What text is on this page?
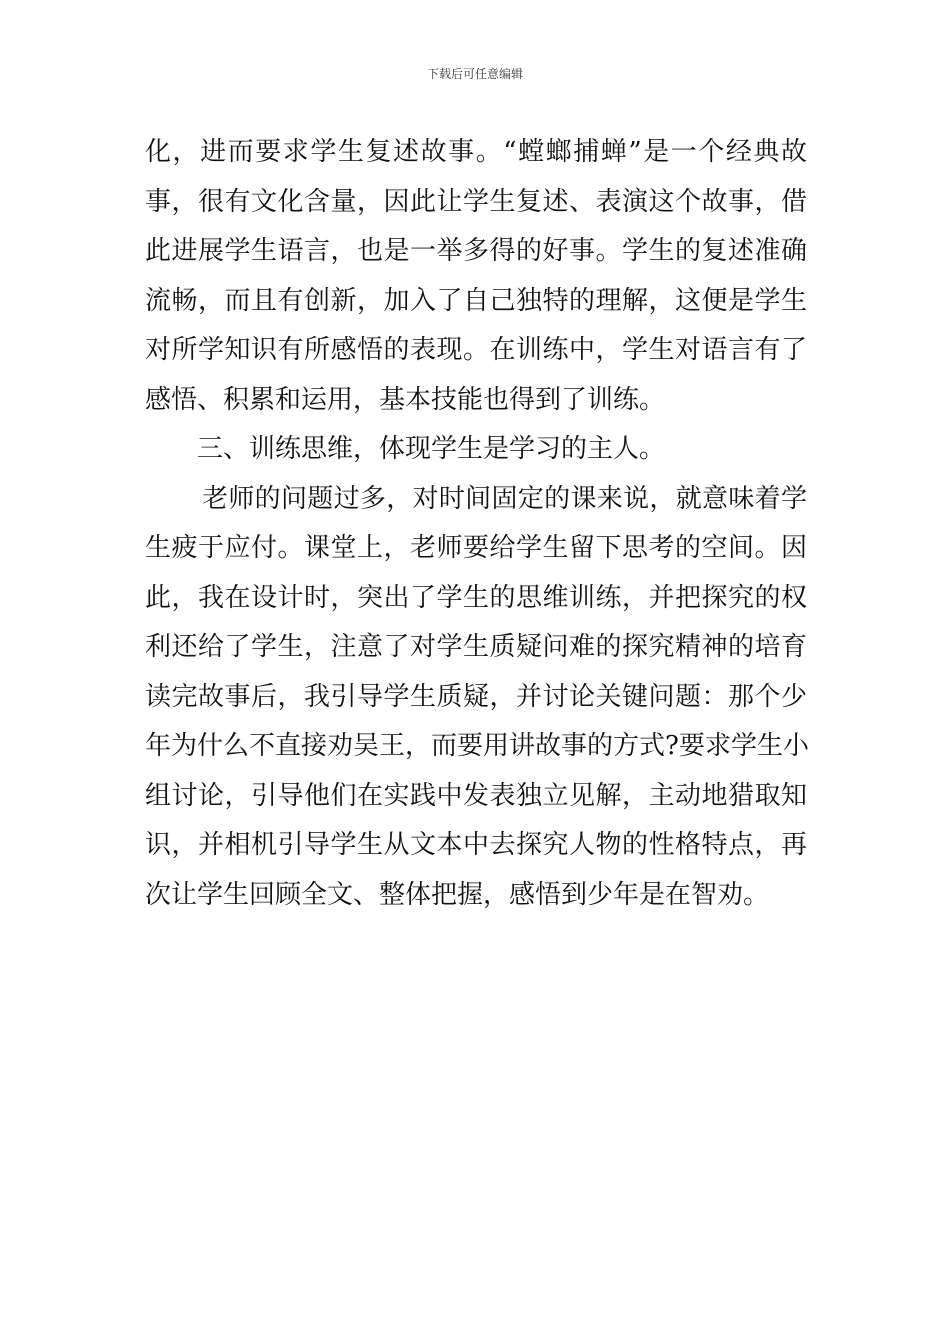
下载后可任意编辑
化，进而要求学生复述故事。“螳螂捕蝉”是一个经典故
事，很有文化含量，因此让学生复述、表演这个故事，借
此进展学生语言，也是一举多得的好事。学生的复述准确
流畅，而且有创新，加入了自己独特的理解，这便是学生
对所学知识有所感悟的表现。在训练中，学生对语言有了
感悟、积累和运用，基本技能也得到了训练。
三、训练思维，体现学生是学习的主人。
老师的问题过多，对时间固定的课来说，就意味着学
生疲于应付。课堂上，老师要给学生留下思考的空间。因
此，我在设计时，突出了学生的思维训练，并把探究的权
利还给了学生，注意了对学生质疑问难的探究精神的培育
读完故事后，我引导学生质疑，并讨论关键问题：那个少
年为什么不直接劝吴王，而要用讲故事的方式?要求学生小
组讨论，引导他们在实践中发表独立见解，主动地猎取知
识，并相机引导学生从文本中去探究人物的性格特点，再
次让学生回顾全文、整体把握，感悟到少年是在智劝。
